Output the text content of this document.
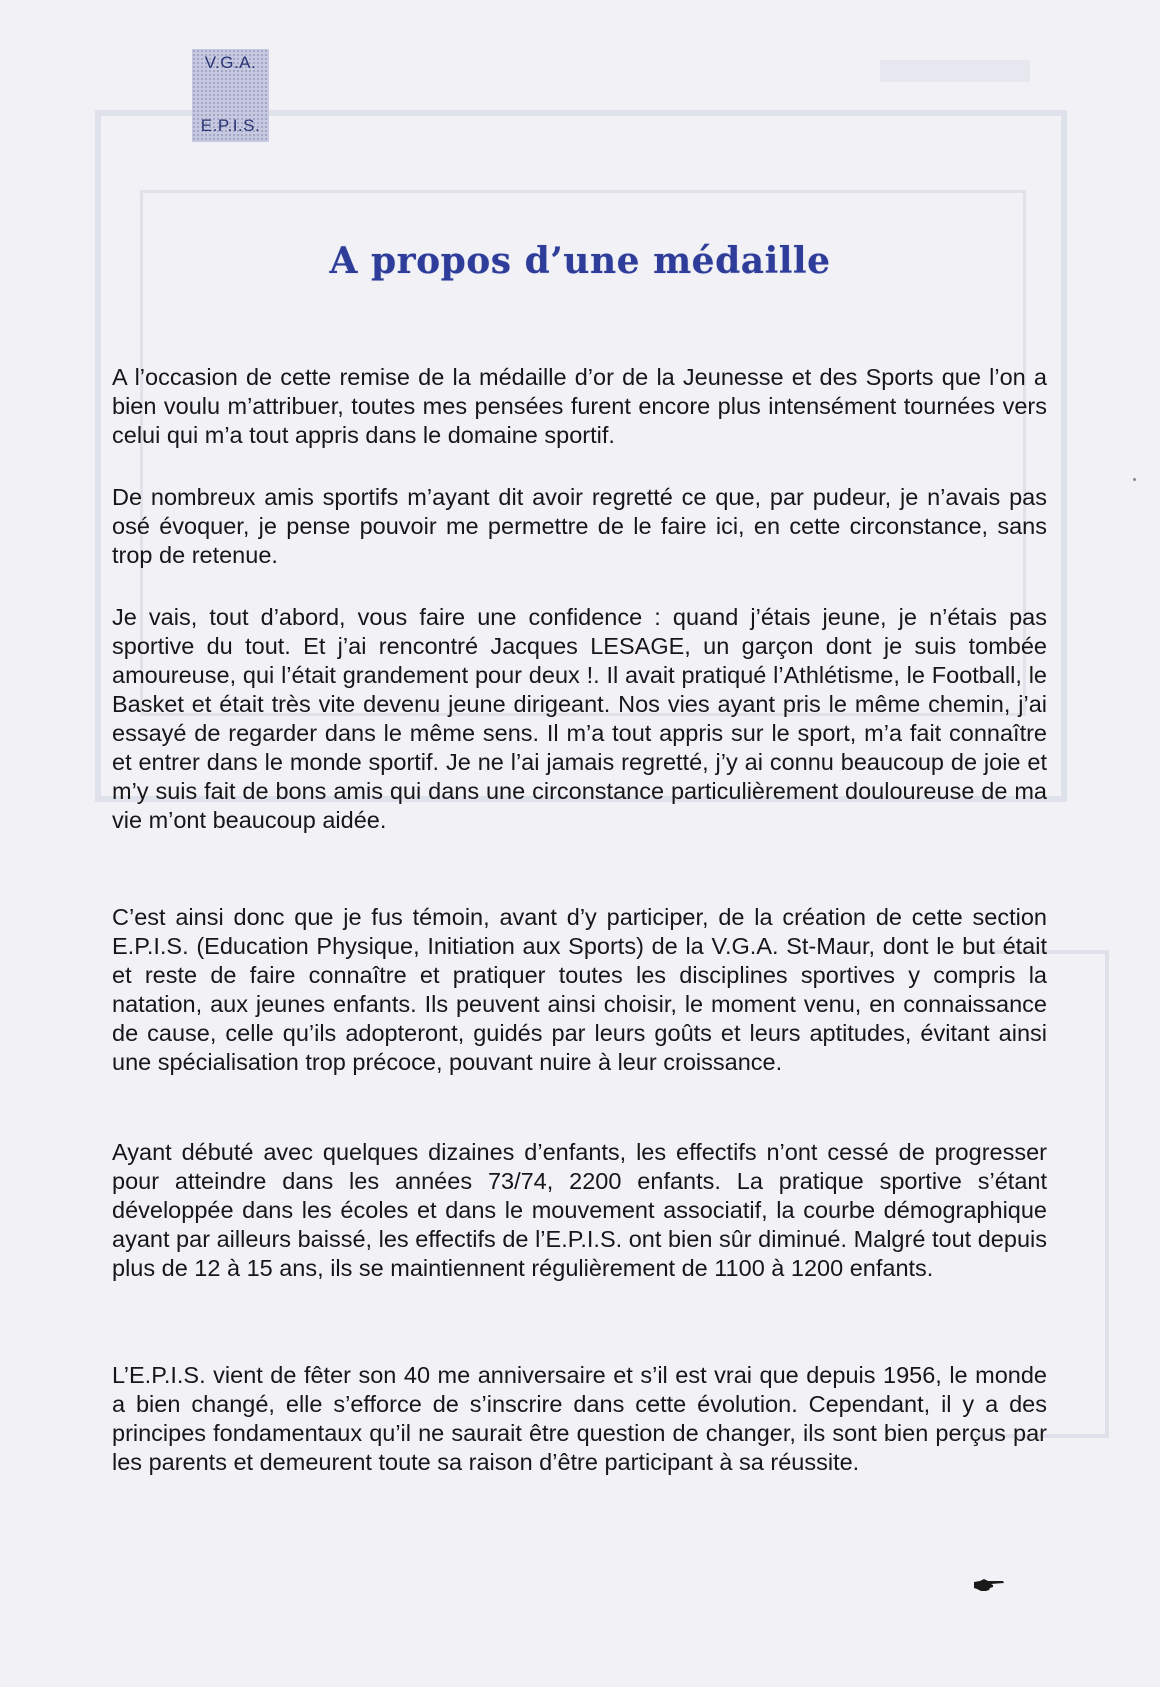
V.G.A.
E.P.I.S.
A propos d’une médaille

A l’occasion de cette remise de la médaille d’or de la Jeunesse et des Sports que l’on a bien voulu m’attribuer, toutes mes pensées furent encore plus intensément tournées vers celui qui m’a tout appris dans le domaine sportif.

De nombreux amis sportifs m’ayant dit avoir regretté ce que, par pudeur, je n’avais pas osé évoquer, je pense pouvoir me permettre de le faire ici, en cette circonstance, sans trop de retenue.

Je vais, tout d’abord, vous faire une confidence : quand j’étais jeune, je n’étais pas sportive du tout. Et j’ai rencontré Jacques LESAGE, un garçon dont je suis tombée amoureuse, qui l’était grandement pour deux !. Il avait pratiqué l’Athlétisme, le Football, le Basket et était très vite devenu jeune dirigeant. Nos vies ayant pris le même chemin, j’ai essayé de regarder dans le même sens. Il m’a tout appris sur le sport, m’a fait connaître et entrer dans le monde sportif. Je ne l’ai jamais regretté, j’y ai connu beaucoup de joie et m’y suis fait de bons amis qui dans une circonstance particulièrement douloureuse de ma vie m’ont beaucoup aidée.

C’est ainsi donc que je fus témoin, avant d’y participer, de la création de cette section E.P.I.S. (Education Physique, Initiation aux Sports) de la V.G.A. St-Maur, dont le but était et reste de faire connaître et pratiquer toutes les disciplines sportives y compris la natation, aux jeunes enfants. Ils peuvent ainsi choisir, le moment venu, en connaissance de cause, celle qu’ils adopteront, guidés par leurs goûts et leurs aptitudes, évitant ainsi une spécialisation trop précoce, pouvant nuire à leur croissance.

Ayant débuté avec quelques dizaines d’enfants, les effectifs n’ont cessé de progresser pour atteindre dans les années 73/74, 2200 enfants. La pratique sportive s’étant développée dans les écoles et dans le mouvement associatif, la courbe démographique ayant par ailleurs baissé, les effectifs de l’E.P.I.S. ont bien sûr diminué. Malgré tout depuis plus de 12 à 15 ans, ils se maintiennent régulièrement de 1100 à 1200 enfants.

L’E.P.I.S. vient de fêter son 40 me anniversaire et s’il est vrai que depuis 1956, le monde a bien changé, elle s’efforce de s’inscrire dans cette évolution. Cependant, il y a des principes fondamentaux qu’il ne saurait être question de changer, ils sont bien perçus par les parents et demeurent toute sa raison d’être participant à sa réussite.
